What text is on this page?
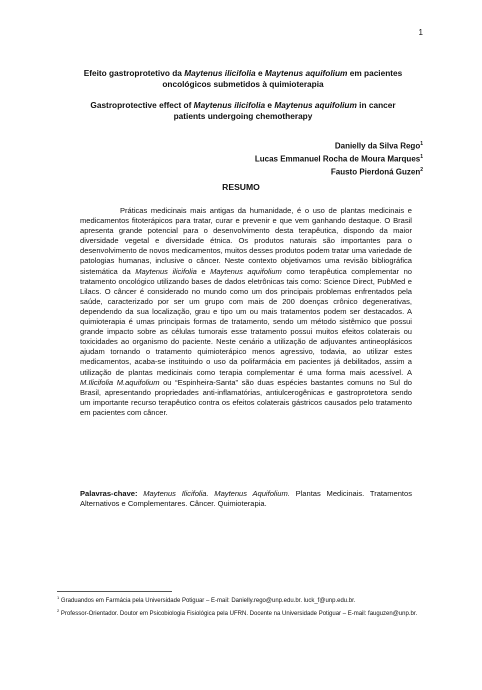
1
Efeito gastroprotetivo da Maytenus ilicifolia e Maytenus aquifolium em pacientes oncológicos submetidos à quimioterapia
Gastroprotective effect of Maytenus ilicifolia e Maytenus aquifolium in cancer patients undergoing chemotherapy
Danielly da Silva Rego$^1$
Lucas Emmanuel Rocha de Moura Marques$^1$
Fausto Pierdoná Guzen$^2$
RESUMO

Práticas medicinais mais antigas da humanidade, é o uso de plantas medicinais e medicamentos fitoterápicos para tratar, curar e prevenir e que vem ganhando destaque. O Brasil apresenta grande potencial para o desenvolvimento desta terapêutica, dispondo da maior diversidade vegetal e diversidade étnica. Os produtos naturais são importantes para o desenvolvimento de novos medicamentos, muitos desses produtos podem tratar uma variedade de patologias humanas, inclusive o câncer. Neste contexto objetivamos uma revisão bibliográfica sistemática da Maytenus ilicifolia e Maytenus aquifolium como terapêutica complementar no tratamento oncológico utilizando bases de dados eletrônicas tais como: Science Direct, PubMed e Lilacs. O câncer é considerado no mundo como um dos principais problemas enfrentados pela saúde, caracterizado por ser um grupo com mais de 200 doenças crônico degenerativas, dependendo da sua localização, grau e tipo um ou mais tratamentos podem ser destacados. A quimioterapia é umas principais formas de tratamento, sendo um método sistêmico que possui grande impacto sobre as células tumorais esse tratamento possui muitos efeitos colaterais ou toxicidades ao organismo do paciente. Neste cenário a utilização de adjuvantes antineoplásicos ajudam tornando o tratamento quimioterápico menos agressivo, todavia, ao utilizar estes medicamentos, acaba-se instituindo o uso da polifarmácia em pacientes já debilitados, assim a utilização de plantas medicinais como terapia complementar é uma forma mais acessível. A M.Ilicifolia M.aquifolium ou “Espinheira-Santa” são duas espécies bastantes comuns no Sul do Brasil, apresentando propriedades anti-inflamatórias, antiulcerogênicas e gastroprotetora sendo um importante recurso terapêutico contra os efeitos colaterais gástricos causados pelo tratamento em pacientes com câncer.

Palavras-chave: Maytenus Ilicifolia. Maytenus Aquifolium. Plantas Medicinais. Tratamentos Alternativos e Complementares. Câncer. Quimioterapia.

$^1$ Graduandos em Farmácia pela Universidade Potiguar – E-mail: Danielly.rego@unp.edu.br. luck_f@unp.edu.br.

$^2$ Professor-Orientador. Doutor em Psicobiologia Fisiológica pela UFRN. Docente na Universidade Potiguar – E-mail: fauguzen@unp.br.
